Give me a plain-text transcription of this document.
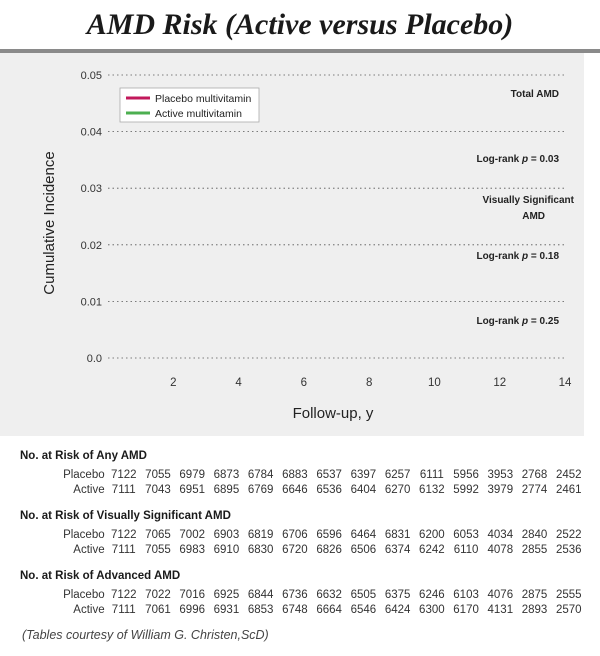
AMD Risk (Active versus Placebo)
0.0
0.01
0.02
0.03
0.04
0.05
2	4	6	8	10	12	14
Follow-up, y
Cumulative Incidence
Placebo multivitamin
Active multivitamin
Total AMD
Log-rank p = 0.03
Visually Significant
AMD
Log-rank p = 0.18
Log-rank p = 0.25
No. at Risk of Any AMD
Placebo 7122 7055 6979 6873 6784 6883 6537 6397 6257 6111 5956 3953 2768 2452
Active 7111 7043 6951 6895 6769 6646 6536 6404 6270 6132 5992 3979 2774 2461
No. at Risk of Visually Significant AMD
Placebo 7122 7065 7002 6903 6819 6706 6596 6464 6831 6200 6053 4034 2840 2522
Active 7111 7055 6983 6910 6830 6720 6826 6506 6374 6242 6110 4078 2855 2536
No. at Risk of Advanced AMD
Placebo 7122 7022 7016 6925 6844 6736 6632 6505 6375 6246 6103 4076 2875 2555
Active 7111 7061 6996 6931 6853 6748 6664 6546 6424 6300 6170 4131 2893 2570
(Tables courtesy of William G. Christen,ScD)
